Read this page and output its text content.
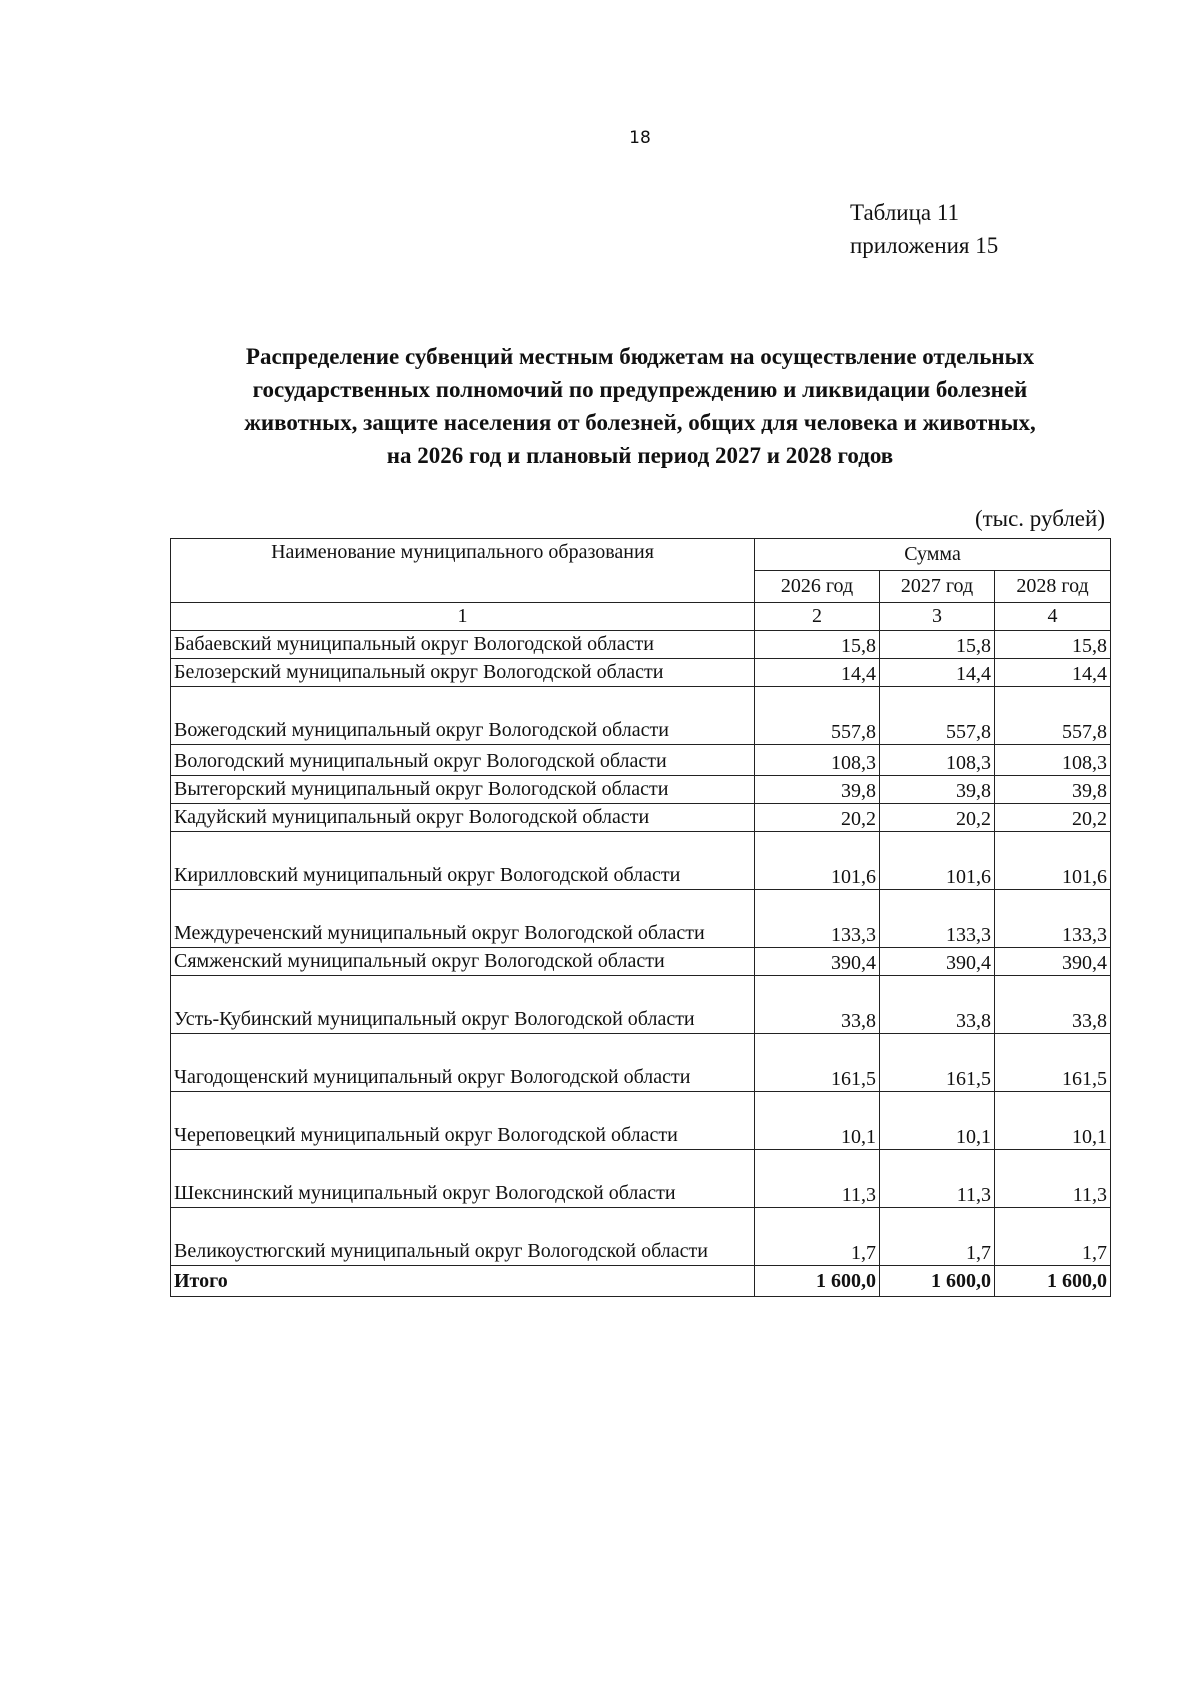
18
Таблица 11
приложения 15
Распределение субвенций местным бюджетам на осуществление отдельных
государственных полномочий по предупреждению и ликвидации болезней
животных, защите населения от болезней, общих для человека и животных,
на 2026 год и плановый период 2027 и 2028 годов
(тыс. рублей)
Наименование муниципального образования	Сумма		
	2026 год	2027 год	2028 год
1	2	3	4
Бабаевский муниципальный округ Вологодской области	15,8	15,8	15,8
Белозерский муниципальный округ Вологодской области	14,4	14,4	14,4
Вожегодский муниципальный округ Вологодской области	557,8	557,8	557,8
Вологодский муниципальный округ Вологодской области	108,3	108,3	108,3
Вытегорский муниципальный округ Вологодской области	39,8	39,8	39,8
Кадуйский муниципальный округ Вологодской области	20,2	20,2	20,2
Кирилловский муниципальный округ Вологодской области	101,6	101,6	101,6
Междуреченский муниципальный округ Вологодской области	133,3	133,3	133,3
Сямженский муниципальный округ Вологодской области	390,4	390,4	390,4
Усть-Кубинский муниципальный округ Вологодской области	33,8	33,8	33,8
Чагодощенский муниципальный округ Вологодской области	161,5	161,5	161,5
Череповецкий муниципальный округ Вологодской области	10,1	10,1	10,1
Шекснинский муниципальный округ Вологодской области	11,3	11,3	11,3
Великоустюгский муниципальный округ Вологодской области	1,7	1,7	1,7
Итого	1 600,0	1 600,0	1 600,0
